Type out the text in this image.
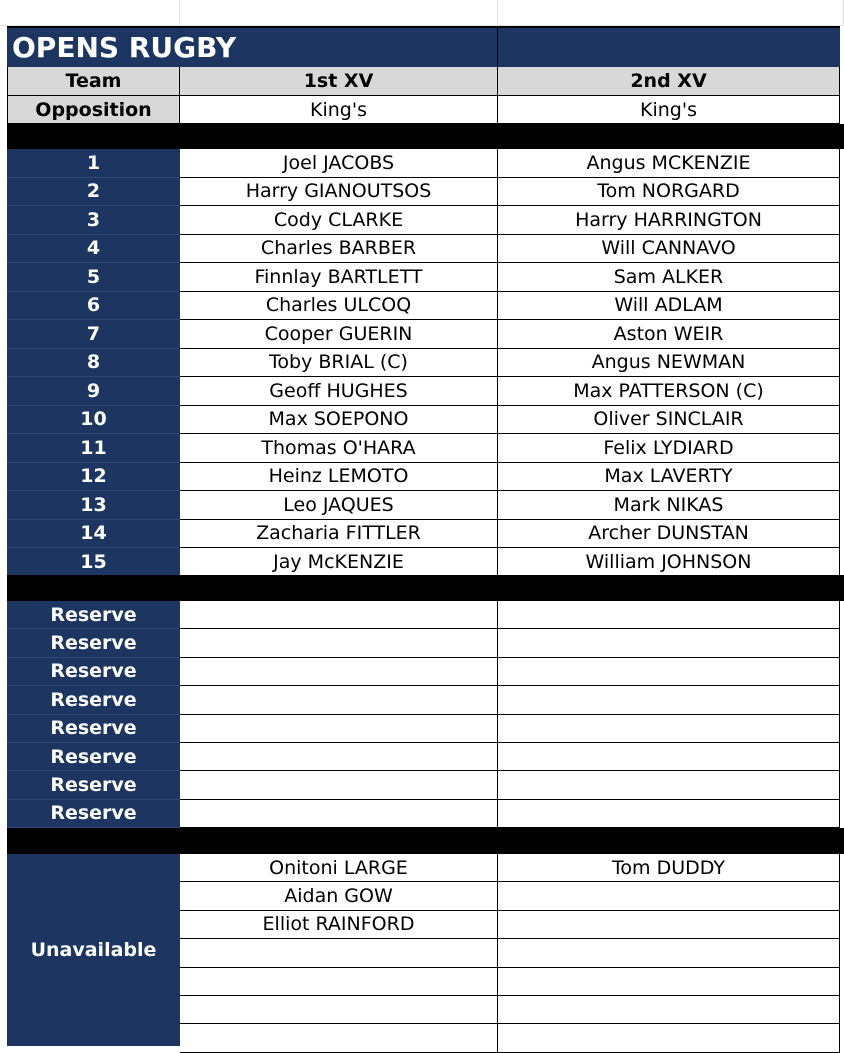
OPENS RUGBY
Team	1st XV	2nd XV
Opposition	King's	King's
1	Joel JACOBS	Angus MCKENZIE
2	Harry GIANOUTSOS	Tom NORGARD
3	Cody CLARKE	Harry HARRINGTON
4	Charles BARBER	Will CANNAVO
5	Finnlay BARTLETT	Sam ALKER
6	Charles ULCOQ	Will ADLAM
7	Cooper GUERIN	Aston WEIR
8	Toby BRIAL (C)	Angus NEWMAN
9	Geoff HUGHES	Max PATTERSON (C)
10	Max SOEPONO	Oliver SINCLAIR
11	Thomas O'HARA	Felix LYDIARD
12	Heinz LEMOTO	Max LAVERTY
13	Leo JAQUES	Mark NIKAS
14	Zacharia FITTLER	Archer DUNSTAN
15	Jay McKENZIE	William JOHNSON
Reserve
Reserve
Reserve
Reserve
Reserve
Reserve
Reserve
Reserve
Unavailable
Onitoni LARGE	Tom DUDDY
Aidan GOW
Elliot RAINFORD
